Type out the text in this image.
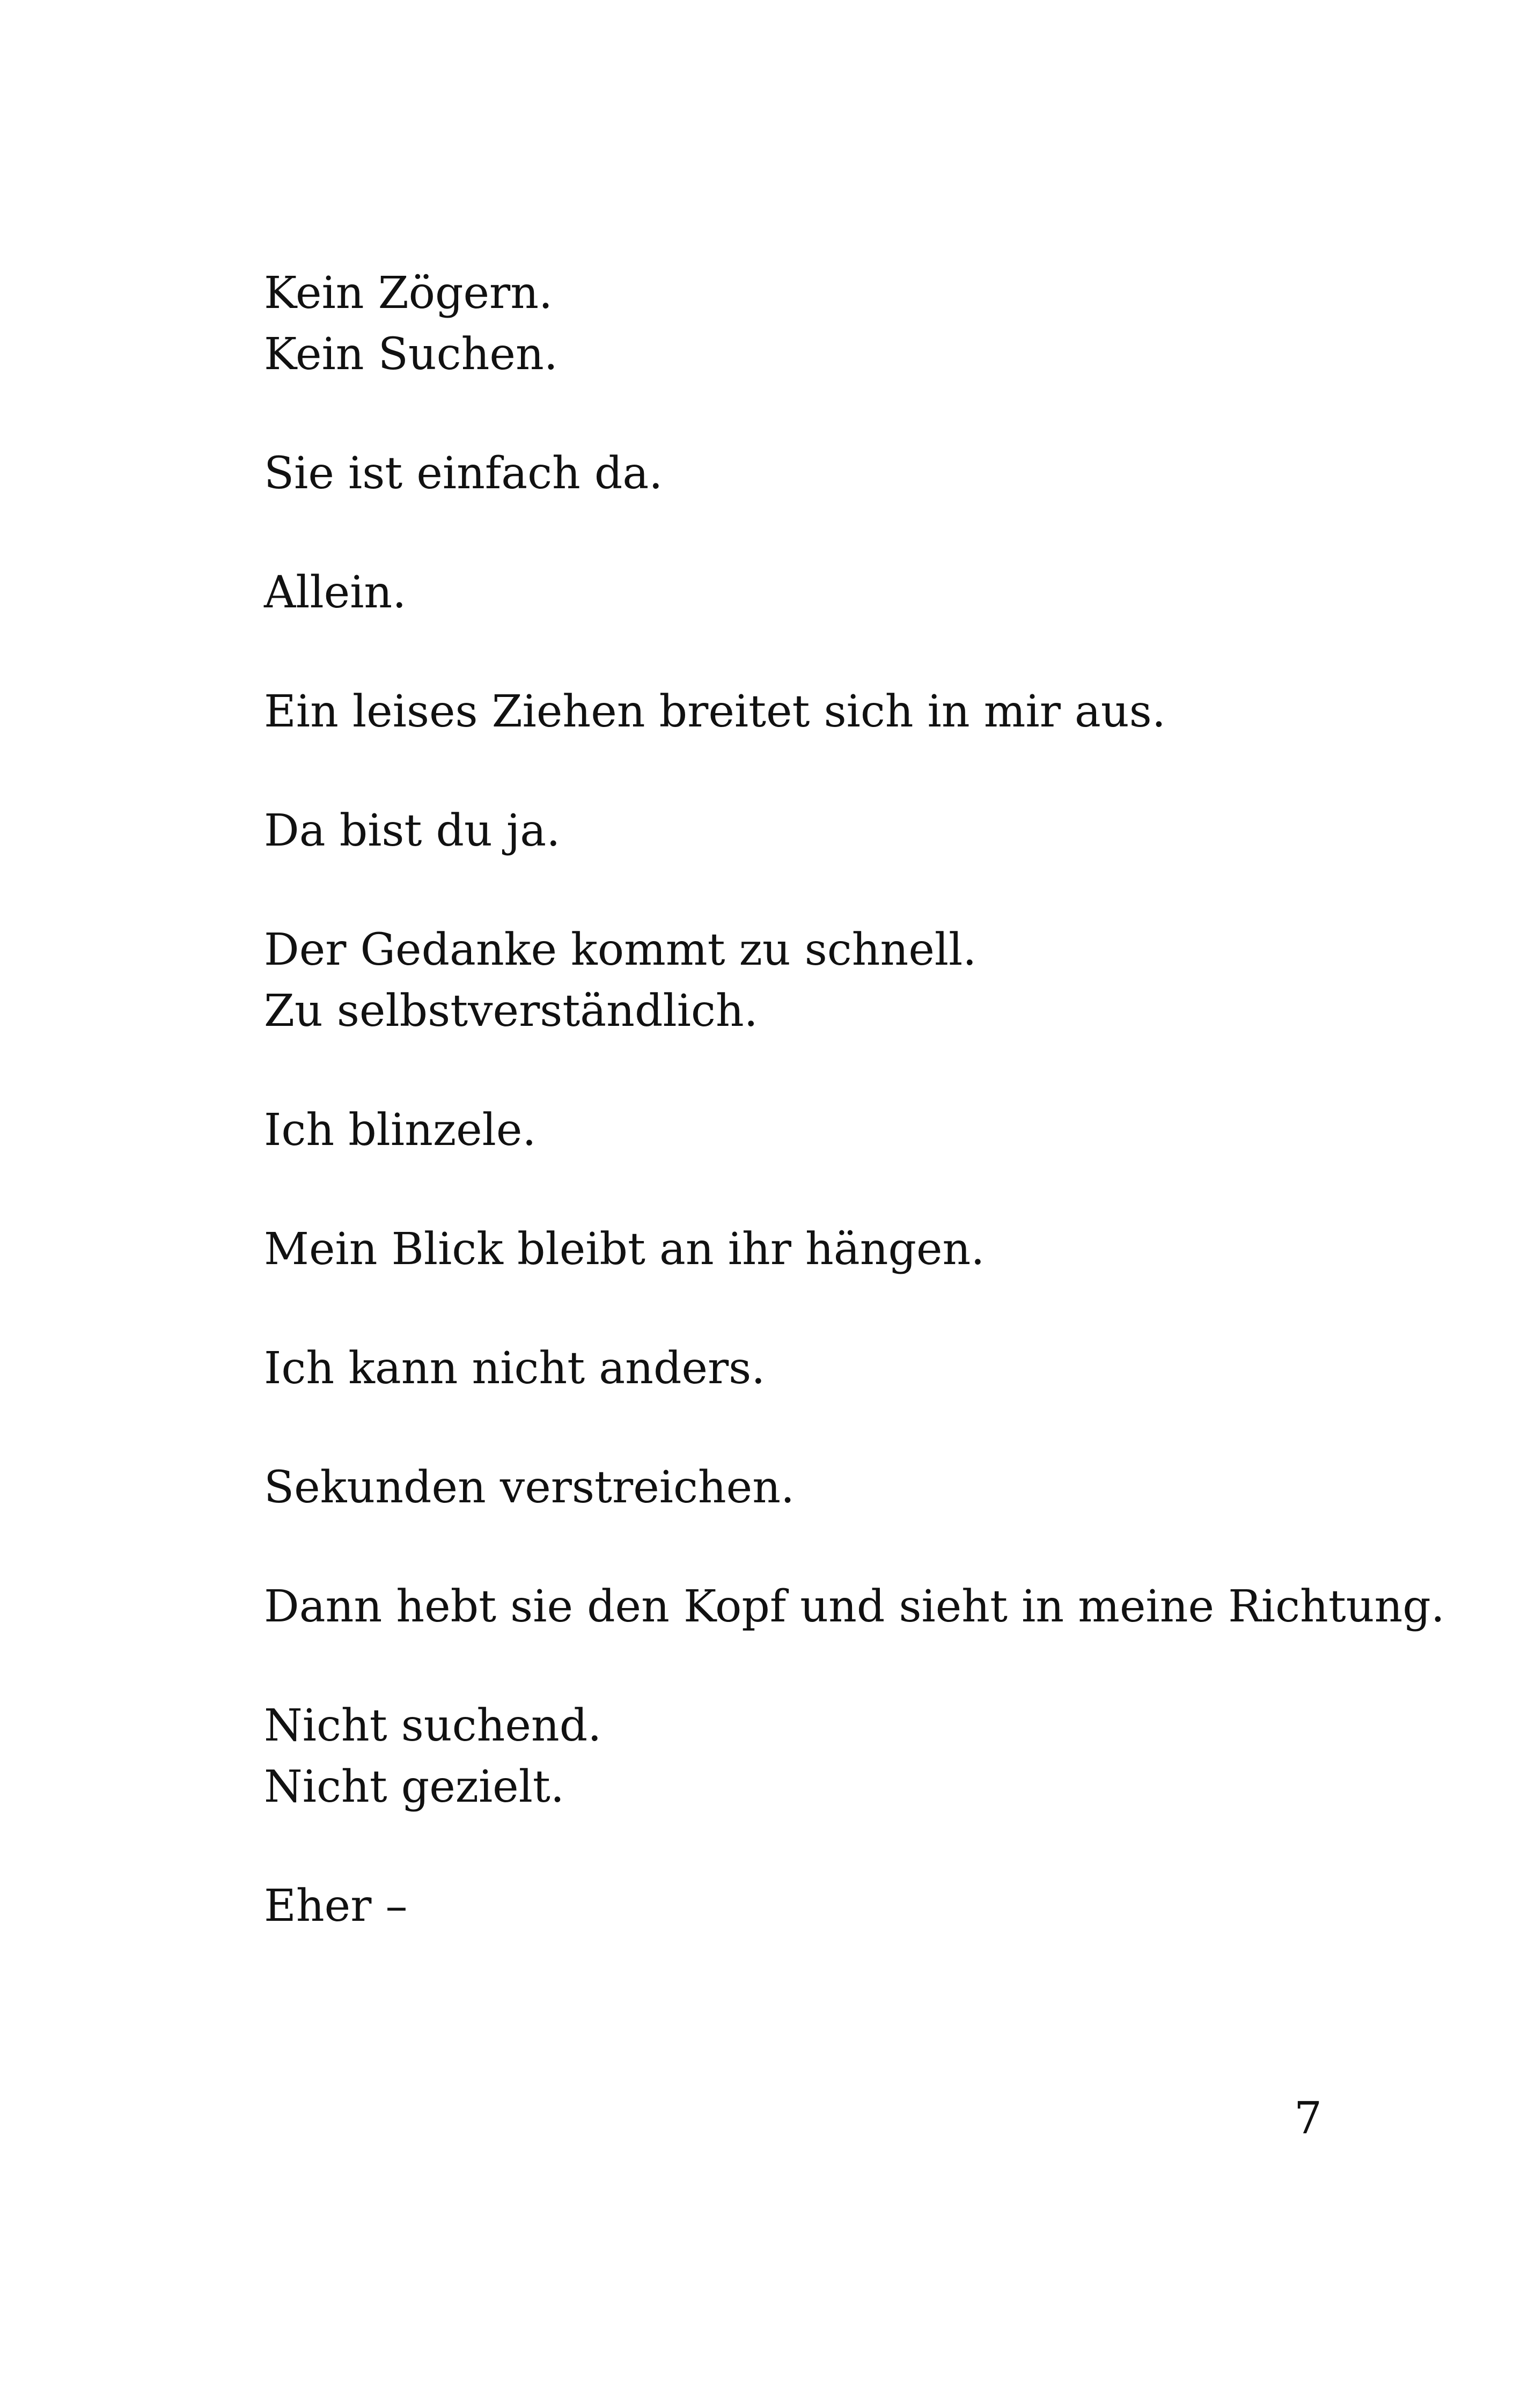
Kein Zögern.

Kein Suchen.

Sie ist einfach da.

Allein.

Ein leises Ziehen breitet sich in mir aus.

Da bist du ja.

Der Gedanke kommt zu schnell.

Zu selbstverständlich.

Ich blinzele.

Mein Blick bleibt an ihr hängen.

Ich kann nicht anders.

Sekunden verstreichen.

Dann hebt sie den Kopf und sieht in meine Richtung.

Nicht suchend.

Nicht gezielt.

Eher –

7
